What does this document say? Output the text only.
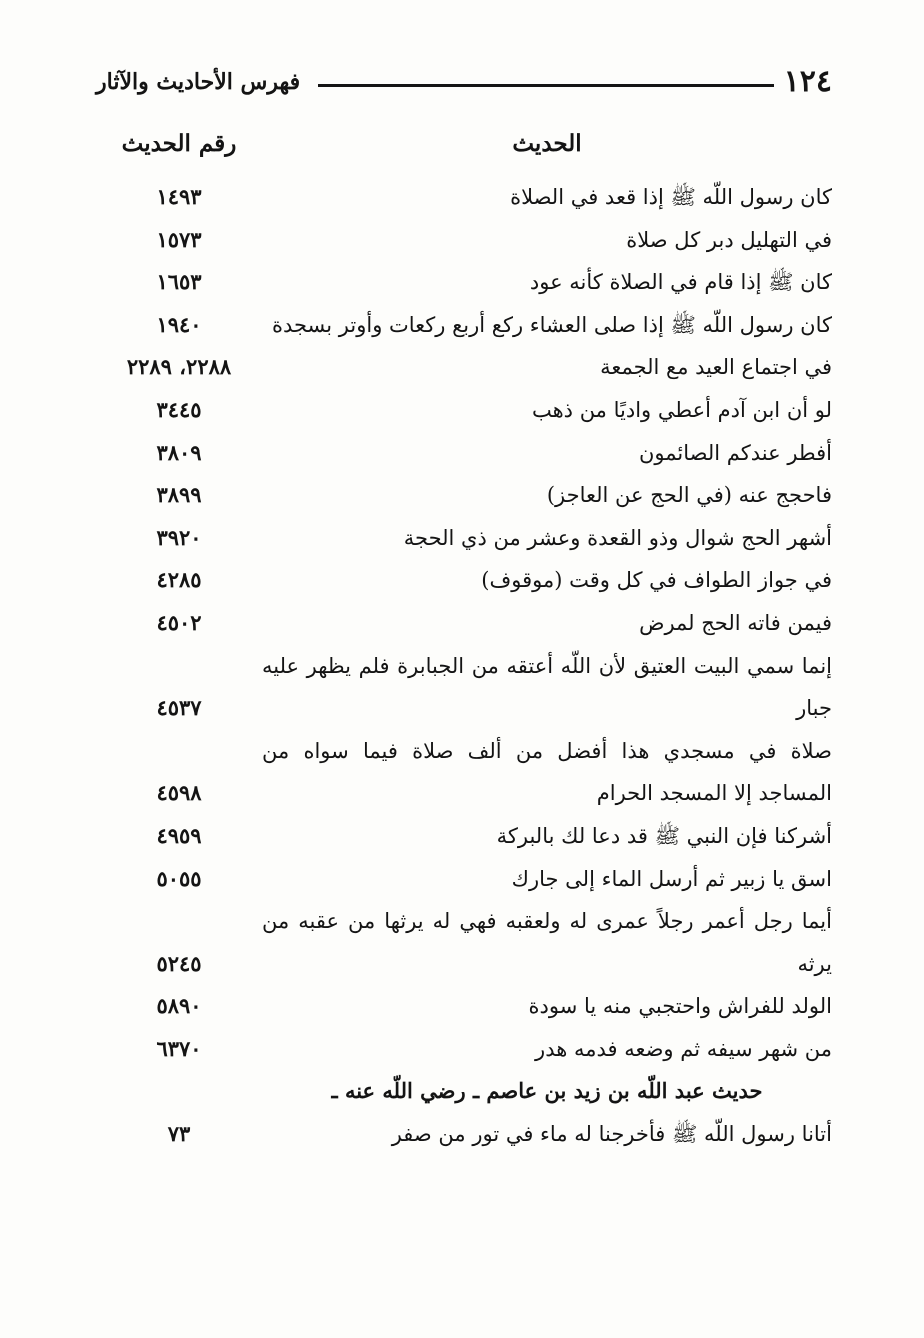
١٢٤
فهرس الأحاديث والآثار
الحديث
رقم الحديث
كان رسول اللّه ﷺ إذا قعد في الصلاة
١٤٩٣
في التهليل دبر كل صلاة
١٥٧٣
كان ﷺ إذا قام في الصلاة كأنه عود
١٦٥٣
كان رسول اللّه ﷺ إذا صلى العشاء ركع أربع ركعات وأوتر بسجدة
١٩٤٠
في اجتماع العيد مع الجمعة
٢٢٨٨، ٢٢٨٩
لو أن ابن آدم أعطي واديًا من ذهب
٣٤٤٥
أفطر عندكم الصائمون
٣٨٠٩
فاحجج عنه (في الحج عن العاجز)
٣٨٩٩
أشهر الحج شوال وذو القعدة وعشر من ذي الحجة
٣٩٢٠
في جواز الطواف في كل وقت (موقوف)
٤٢٨٥
فيمن فاته الحج لمرض
٤٥٠٢
إنما سمي البيت العتيق لأن اللّه أعتقه من الجبابرة فلم يظهر عليه جبار
٤٥٣٧
صلاة في مسجدي هذا أفضل من ألف صلاة فيما سواه من المساجد إلا المسجد الحرام
٤٥٩٨
أشركنا فإن النبي ﷺ قد دعا لك بالبركة
٤٩٥٩
اسق يا زبير ثم أرسل الماء إلى جارك
٥٠٥٥
أيما رجل أعمر رجلاً عمرى له ولعقبه فهي له يرثها من عقبه من يرثه
٥٢٤٥
الولد للفراش واحتجبي منه يا سودة
٥٨٩٠
من شهر سيفه ثم وضعه فدمه هدر
٦٣٧٠
حديث عبد اللّه بن زيد بن عاصم ـ رضي اللّه عنه ـ
أتانا رسول اللّه ﷺ فأخرجنا له ماء في تور من صفر
٧٣
